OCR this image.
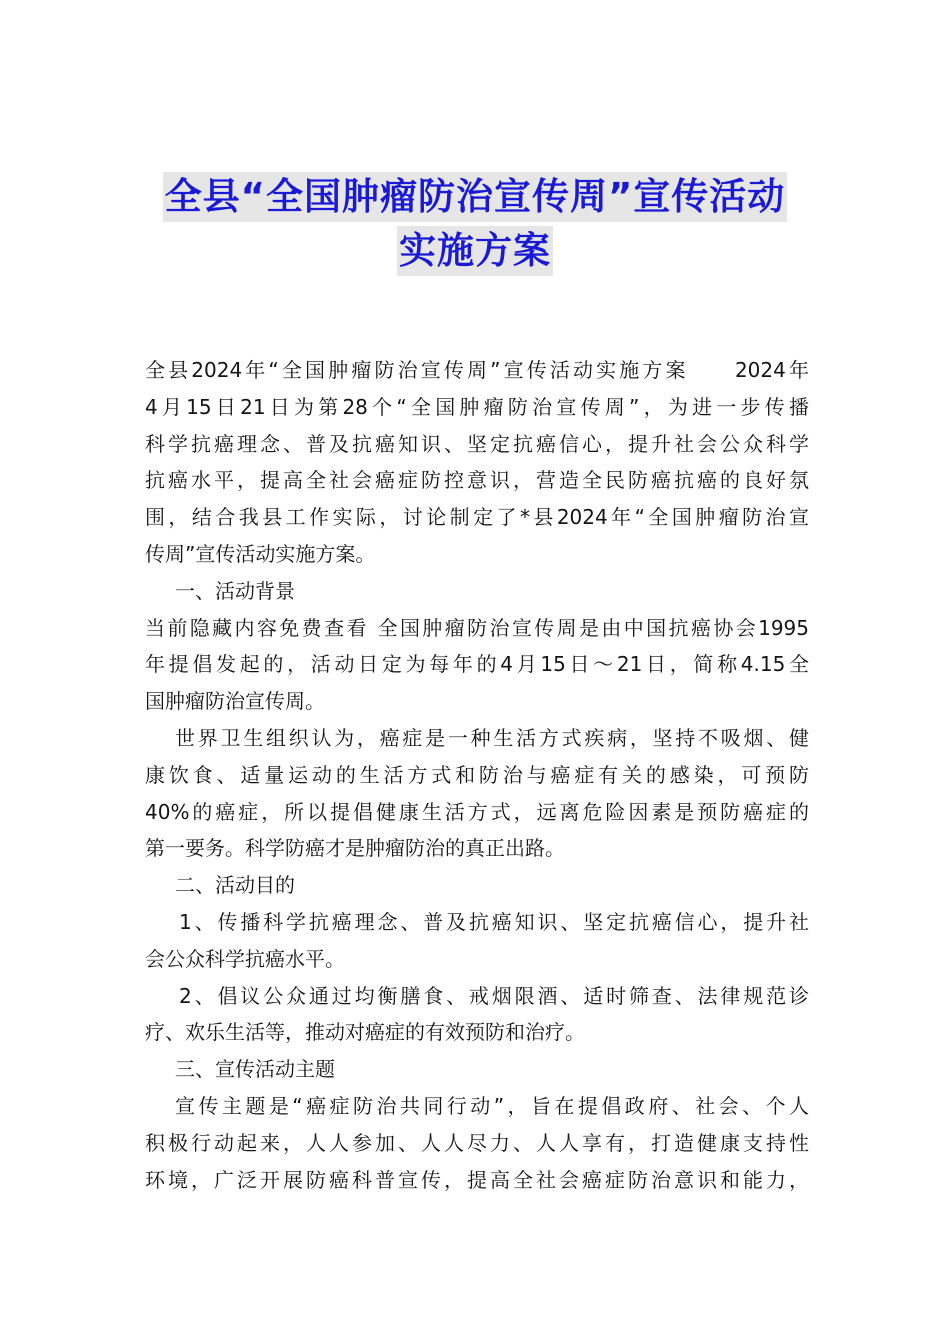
全县“全国肿瘤防治宣传周”宣传活动
实施方案
全县2024年“全国肿瘤防治宣传周”宣传活动实施方案　　2024年
4月15日21日为第28个“全国肿瘤防治宣传周”，为进一步传播
科学抗癌理念、普及抗癌知识、坚定抗癌信心，提升社会公众科学
抗癌水平，提高全社会癌症防控意识，营造全民防癌抗癌的良好氛
围，结合我县工作实际，讨论制定了*县2024年“全国肿瘤防治宣
传周”宣传活动实施方案。
一、活动背景
当前隐藏内容免费查看 全国肿瘤防治宣传周是由中国抗癌协会1995
年提倡发起的，活动日定为每年的4月15日～21日，简称4.15全
国肿瘤防治宣传周。
世界卫生组织认为，癌症是一种生活方式疾病，坚持不吸烟、健
康饮食、适量运动的生活方式和防治与癌症有关的感染，可预防
40%的癌症，所以提倡健康生活方式，远离危险因素是预防癌症的
第一要务。科学防癌才是肿瘤防治的真正出路。
二、活动目的
1、传播科学抗癌理念、普及抗癌知识、坚定抗癌信心，提升社
会公众科学抗癌水平。
2、倡议公众通过均衡膳食、戒烟限酒、适时筛查、法律规范诊
疗、欢乐生活等，推动对癌症的有效预防和治疗。
三、宣传活动主题
宣传主题是“癌症防治共同行动”，旨在提倡政府、社会、个人
积极行动起来，人人参加、人人尽力、人人享有，打造健康支持性
环境，广泛开展防癌科普宣传，提高全社会癌症防治意识和能力，
